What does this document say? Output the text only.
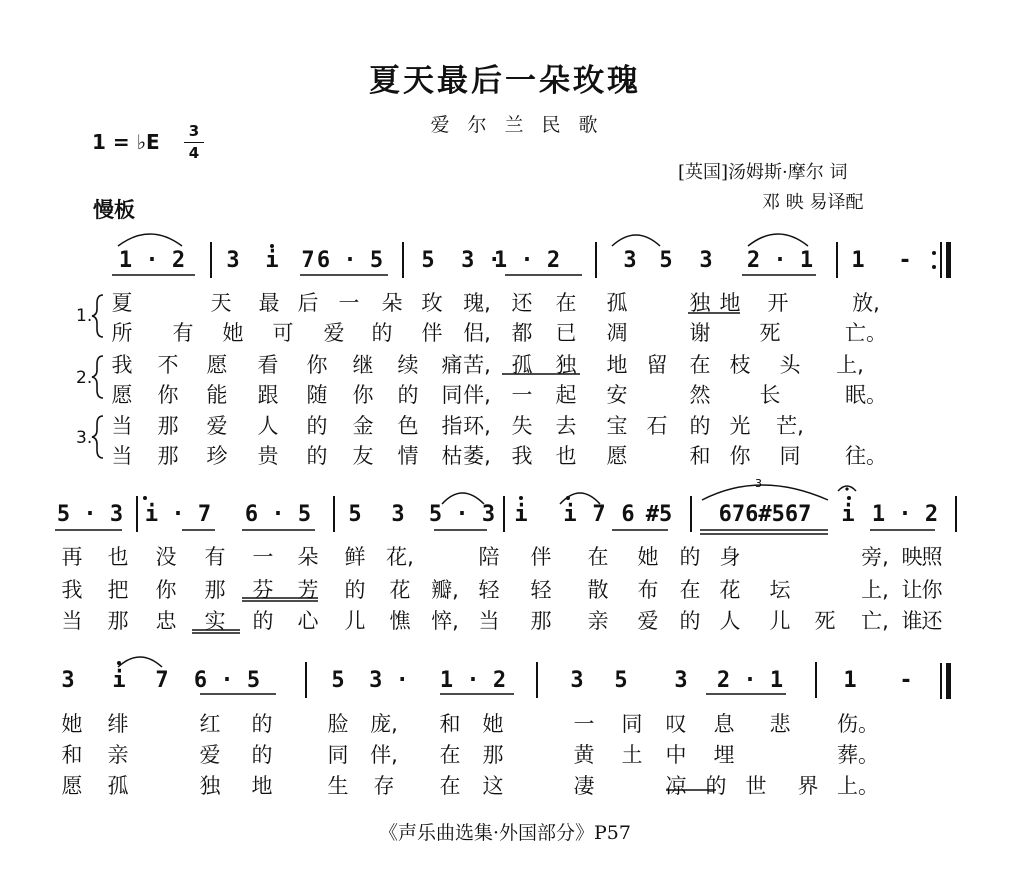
夏天最后一朵玫瑰
爱尔兰民歌
1 = ♭E	3
4
慢板
[英国]汤姆斯·摩尔 词
邓 映 易译配
1.
2.
3.
1 · 2 3 i 7 6 · 5 5 3 ·
1 · 2	3 5 3 2 · 1 1 -
夏	天 最 后 一 朵 玫 瑰, 还 在 孤	独 地 开	放,
所 有 她 可 爱 的 伴 侣, 都 已 凋	谢 死	亡。
我 不 愿 看 你 继 续 痛 苦, 孤 独 地 留 在 枝 头 上,
愿 你 能 跟 随 你 的 同 伴, 一 起 安	然 长	眠。
当 那 爱 人 的 金 色 指 环, 失 去 宝 石 的 光 芒,
当 那 珍 贵 的 友 情 枯 萎, 我 也 愿	和 你 同 往。
5 · 3 i · 7 6 · 5 5 3 5 · 3 i i 7 6 #5 676#567 i 1 · 2
再 也 没 有 一 朵 鲜 花,	陪 伴 在 她 的 身	旁, 映 照
我 把 你 那 芬 芳 的 花 瓣, 轻 轻 散 布 在 花 坛	上, 让 你
当 那 忠 实 的 心 儿 憔 悴, 当 那 亲 爱 的 人 儿 死 亡, 谁 还
3 i 7 6 · 5	5 3 · 1 · 2	3 5 3 2 · 1	1 -
她 绯	红 的	脸 庞, 和 她	一 同 叹 息 悲 伤。
和 亲	爱 的	同 伴, 在 那	黄 土 中 埋	葬。
愿 孤	独 地	生 存 在 这	凄	凉 的 世 界 上。
3
《声乐曲选集·外国部分》P57
